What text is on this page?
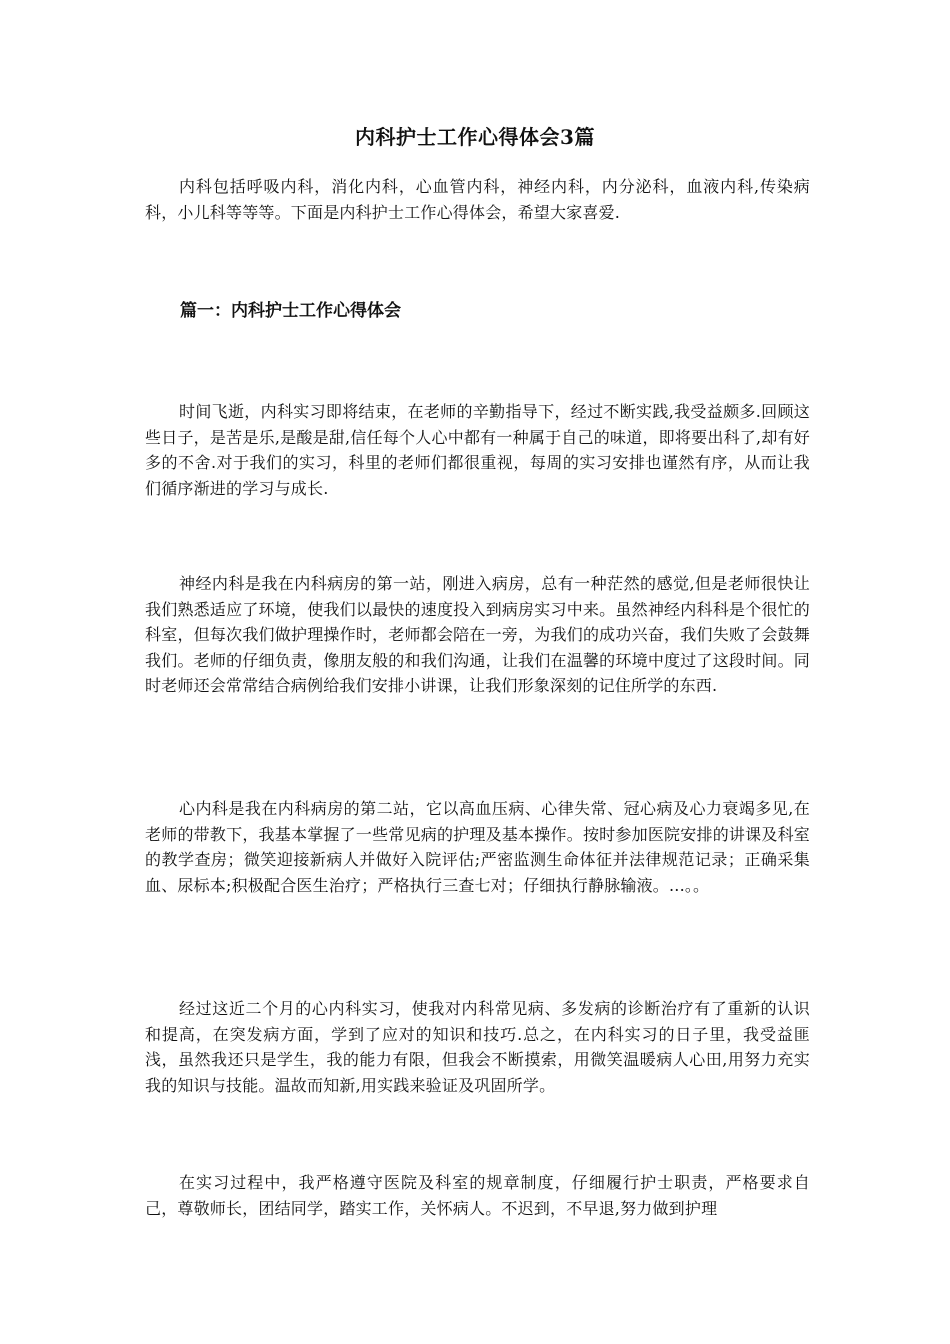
内科护士工作心得体会3篇

内科包括呼吸内科，消化内科，心血管内科，神经内科，内分泌科，血液内科,传染病科，小儿科等等等。下面是内科护士工作心得体会，希望大家喜爱.

篇一：内科护士工作心得体会

时间飞逝，内科实习即将结束，在老师的辛勤指导下，经过不断实践,我受益颇多.回顾这些日子，是苦是乐,是酸是甜,信任每个人心中都有一种属于自己的味道，即将要出科了,却有好多的不舍.对于我们的实习，科里的老师们都很重视，每周的实习安排也谨然有序，从而让我们循序渐进的学习与成长.

神经内科是我在内科病房的第一站，刚进入病房，总有一种茫然的感觉,但是老师很快让我们熟悉适应了环境，使我们以最快的速度投入到病房实习中来。虽然神经内科科是个很忙的科室，但每次我们做护理操作时，老师都会陪在一旁，为我们的成功兴奋，我们失败了会鼓舞我们。老师的仔细负责，像朋友般的和我们沟通，让我们在温馨的环境中度过了这段时间。同时老师还会常常结合病例给我们安排小讲课，让我们形象深刻的记住所学的东西.

心内科是我在内科病房的第二站，它以高血压病、心律失常、冠心病及心力衰竭多见,在老师的带教下，我基本掌握了一些常见病的护理及基本操作。按时参加医院安排的讲课及科室的教学查房；微笑迎接新病人并做好入院评估;严密监测生命体征并法律规范记录；正确采集血、尿标本;积极配合医生治疗；严格执行三查七对；仔细执行静脉输液。...。。

经过这近二个月的心内科实习，使我对内科常见病、多发病的诊断治疗有了重新的认识和提高，在突发病方面，学到了应对的知识和技巧.总之，在内科实习的日子里，我受益匪浅，虽然我还只是学生，我的能力有限，但我会不断摸索，用微笑温暖病人心田,用努力充实我的知识与技能。温故而知新,用实践来验证及巩固所学。

在实习过程中，我严格遵守医院及科室的规章制度，仔细履行护士职责，严格要求自己，尊敬师长，团结同学，踏实工作，关怀病人。不迟到，不早退,努力做到护理
